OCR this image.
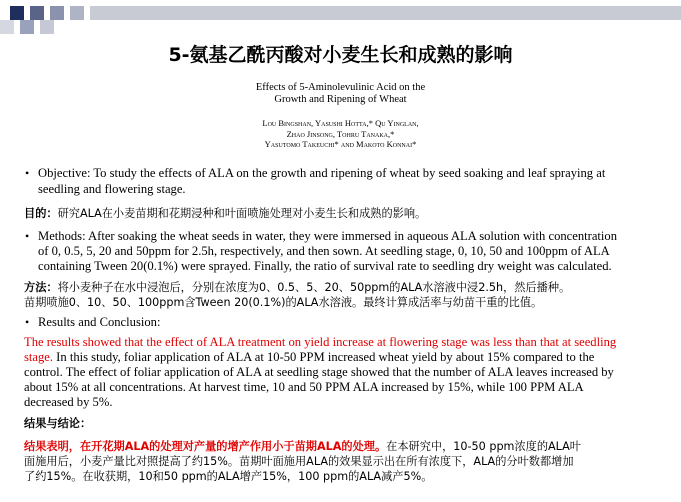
5-氨基乙酰丙酸对小麦生长和成熟的影响
Effects of 5-Aminolevulinic Acid on the
Growth and Ripening of Wheat
Lou Bingshan, Yasushi Hotta,* Qu Yinglan,
Zhao Jinsong, Tohru Tanaka,*
Yasutomo Takeuchi* and Makoto Konnai*
• Objective: To study the effects of ALA on the growth and ripening of wheat by seed soaking and leaf spraying at
seedling and flowering stage.
目的：研究ALA在小麦苗期和花期浸种和叶面喷施处理对小麦生长和成熟的影响。
• Methods: After soaking the wheat seeds in water, they were immersed in aqueous ALA solution with concentration
of 0, 0.5, 5, 20 and 50ppm for 2.5h, respectively, and then sown. At seedling stage, 0, 10, 50 and 100ppm of ALA
containing Tween 20(0.1%) were sprayed. Finally, the ratio of survival rate to seedling dry weight was calculated.
方法：将小麦种子在水中浸泡后，分别在浓度为0、0.5、5、20、50ppm的ALA水溶液中浸2.5h，然后播种。
苗期喷施0、10、50、100ppm含Tween 20(0.1%)的ALA水溶液。最终计算成活率与幼苗干重的比值。
• Results and Conclusion:
The results showed that the effect of ALA treatment on yield increase at flowering stage was less than that at seedling
stage. In this study, foliar application of ALA at 10-50 PPM increased wheat yield by about 15% compared to the
control. The effect of foliar application of ALA at seedling stage showed that the number of ALA leaves increased by
about 15% at all concentrations. At harvest time, 10 and 50 PPM ALA increased by 15%, while 100 PPM ALA
decreased by 5%.
结果与结论：
结果表明，在开花期ALA的处理对产量的增产作用小于苗期ALA的处理。在本研究中，10-50 ppm浓度的ALA叶
面施用后，小麦产量比对照提高了约15%。苗期叶面施用ALA的效果显示出在所有浓度下，ALA的分叶数都增加
了约15%。在收获期，10和50 ppm的ALA增产15%，100 ppm的ALA减产5%。
